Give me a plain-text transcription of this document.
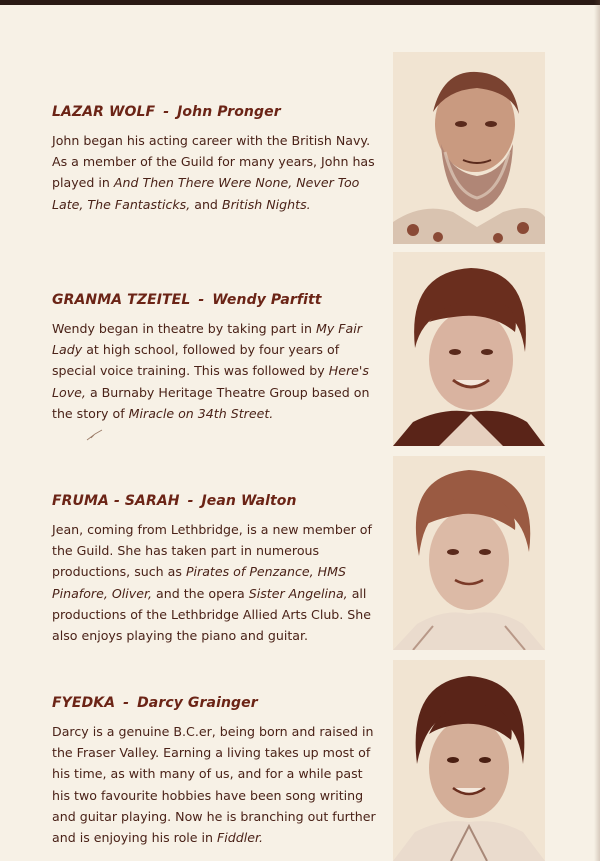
LAZAR WOLF - John Pronger

John began his acting career with the British Navy. As a member of the Guild for many years, John has played in And Then There Were None, Never Too Late, The Fantasticks, and British Nights.

GRANMA TZEITEL - Wendy Parfitt

Wendy began in theatre by taking part in My Fair Lady at high school, followed by four years of special voice training. This was followed by Here's Love, a Burnaby Heritage Theatre Group based on the story of Miracle on 34th Street.

FRUMA - SARAH - Jean Walton

Jean, coming from Lethbridge, is a new member of the Guild. She has taken part in numerous productions, such as Pirates of Penzance, HMS Pinafore, Oliver, and the opera Sister Angelina, all productions of the Lethbridge Allied Arts Club. She also enjoys playing the piano and guitar.

FYEDKA - Darcy Grainger

Darcy is a genuine B.C.er, being born and raised in the Fraser Valley. Earning a living takes up most of his time, as with many of us, and for a while past his two favourite hobbies have been song writing and guitar playing. Now he is branching out further and is enjoying his role in Fiddler.
